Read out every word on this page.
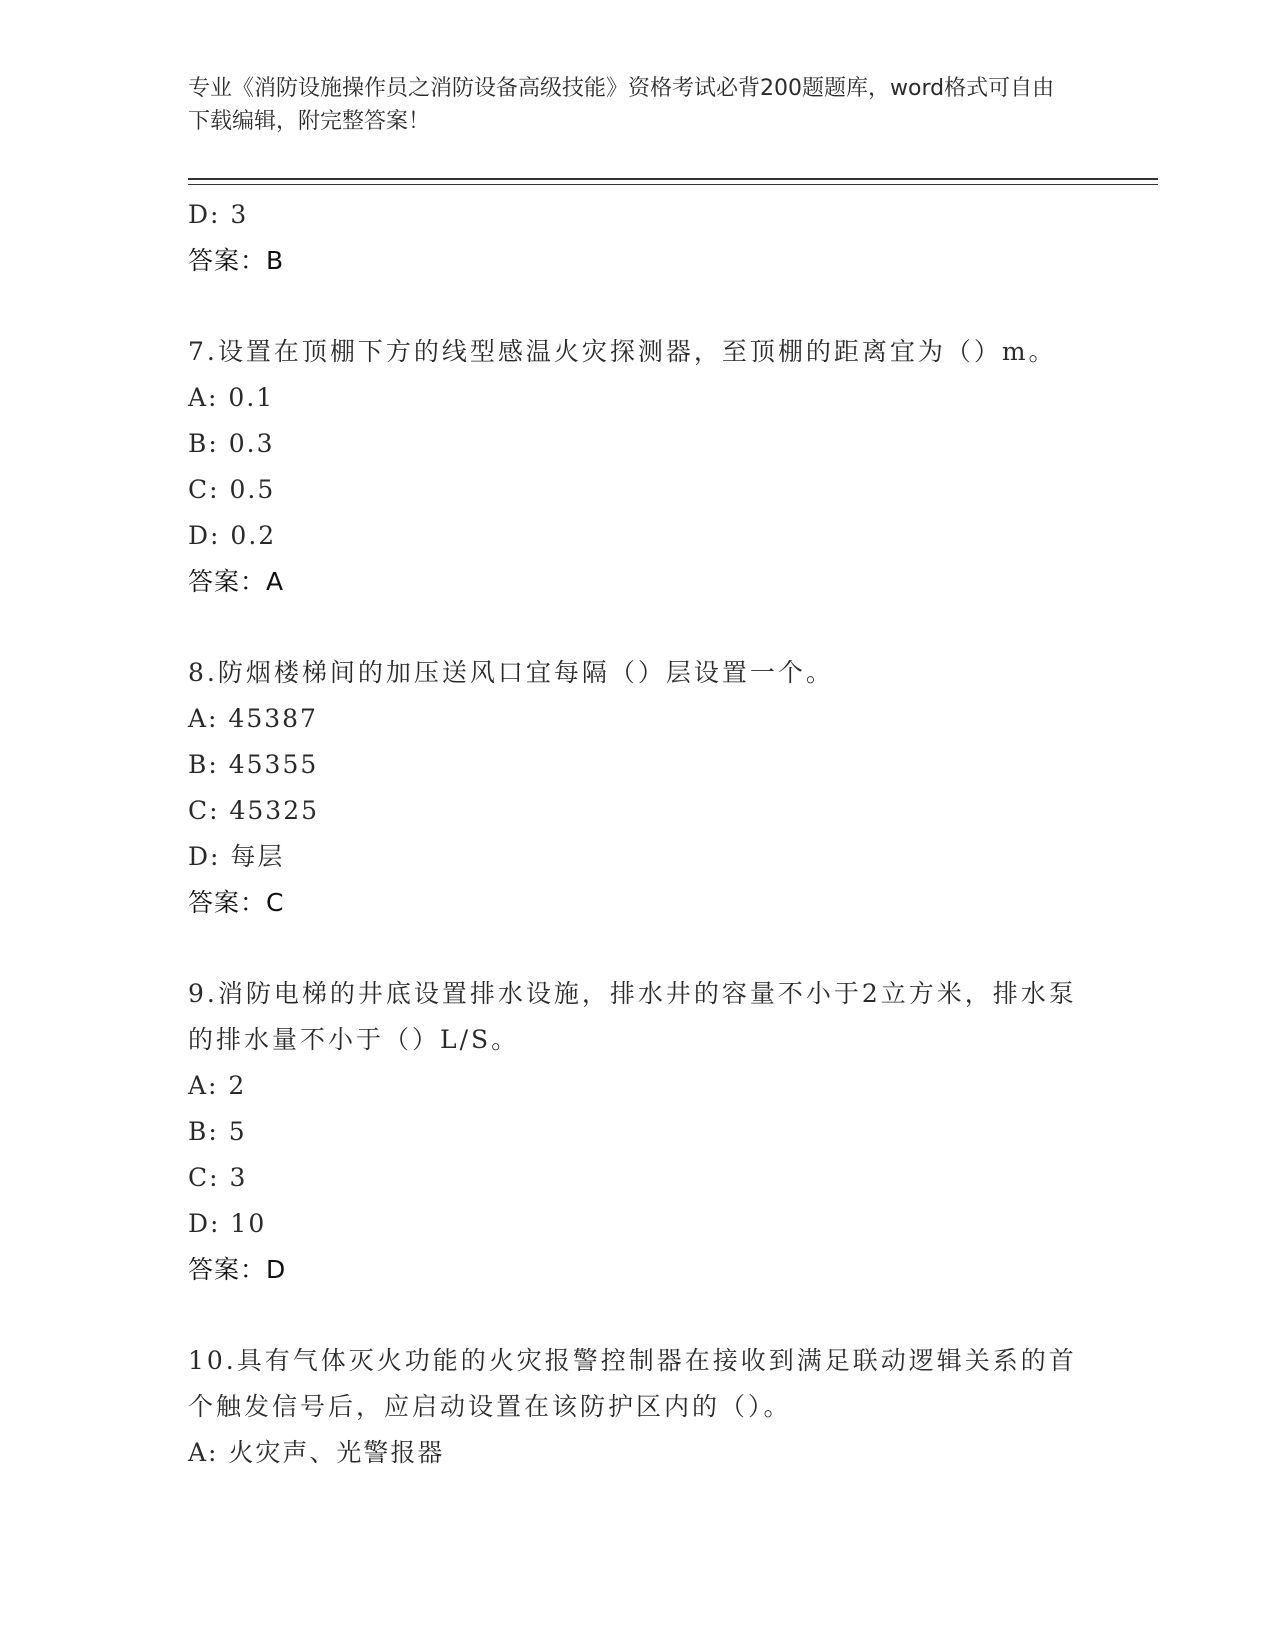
专业《消防设施操作员之消防设备高级技能》资格考试必背200题题库，word格式可自由下载编辑，附完整答案！
D: 3
答案：B
7.设置在顶棚下方的线型感温火灾探测器，至顶棚的距离宜为（）m。
A: 0.1
B: 0.3
C: 0.5
D: 0.2
答案：A
8.防烟楼梯间的加压送风口宜每隔（）层设置一个。
A: 45387
B: 45355
C: 45325
D: 每层
答案：C
9.消防电梯的井底设置排水设施，排水井的容量不小于2立方米，排水泵的排水量不小于（）L/S。
A: 2
B: 5
C: 3
D: 10
答案：D
10.具有气体灭火功能的火灾报警控制器在接收到满足联动逻辑关系的首个触发信号后，应启动设置在该防护区内的（）。
A: 火灾声、光警报器
